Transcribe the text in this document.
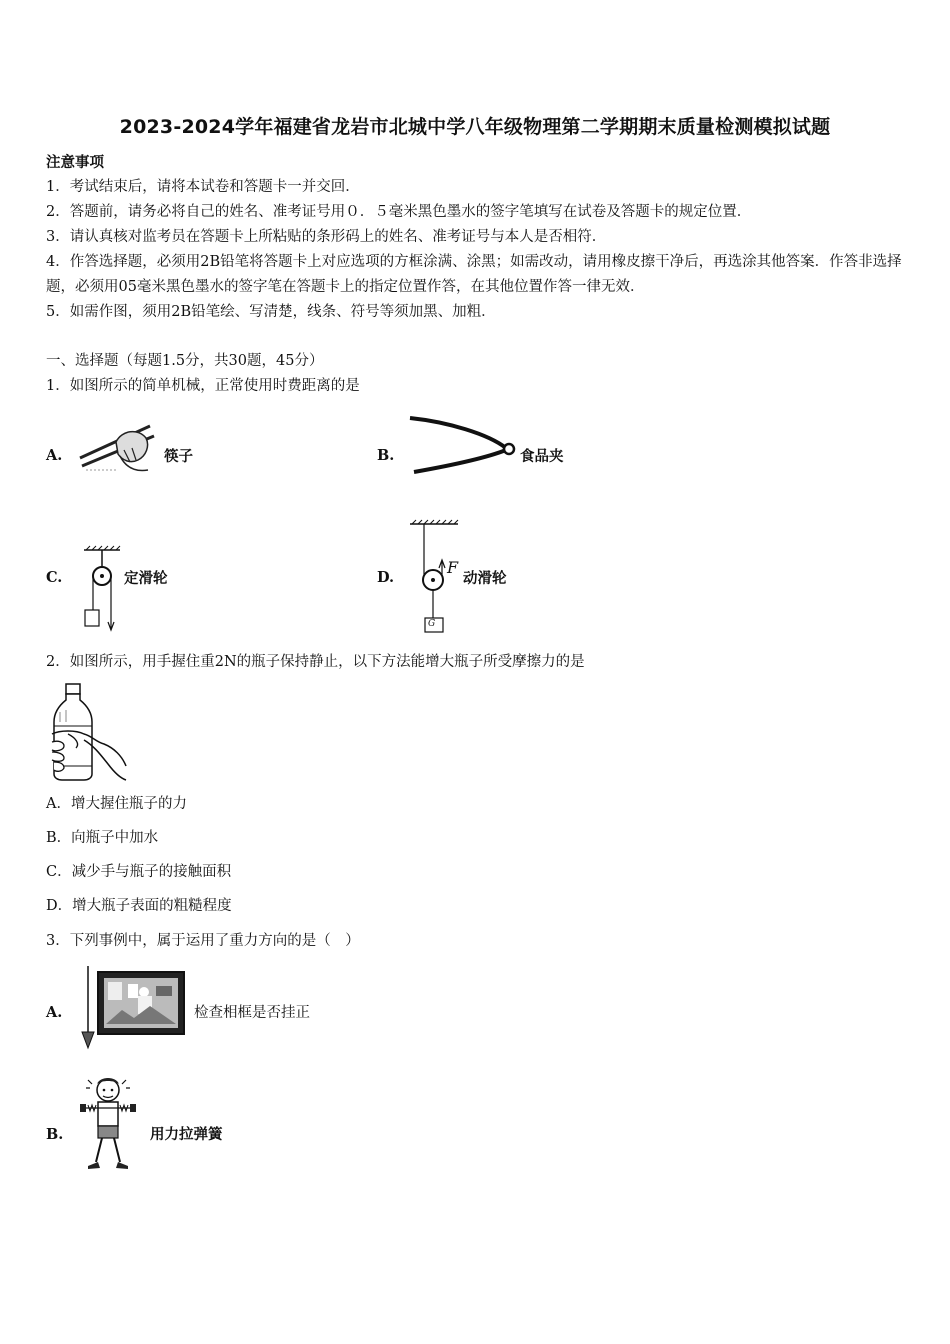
2023-2024学年福建省龙岩市北城中学八年级物理第二学期期末质量检测模拟试题
注意事项
1．考试结束后，请将本试卷和答题卡一并交回．
2．答题前，请务必将自己的姓名、准考证号用０．５毫米黑色墨水的签字笔填写在试卷及答题卡的规定位置．
3．请认真核对监考员在答题卡上所粘贴的条形码上的姓名、准考证号与本人是否相符．
4．作答选择题，必须用2B铅笔将答题卡上对应选项的方框涂满、涂黑；如需改动，请用橡皮擦干净后，再选涂其他答案．作答非选择题，必须用05毫米黑色墨水的签字笔在答题卡上的指定位置作答，在其他位置作答一律无效．
5．如需作图，须用2B铅笔绘、写清楚，线条、符号等须加黑、加粗．
一、选择题（每题1.5分，共30题，45分）
1．如图所示的简单机械，正常使用时费距离的是
A.	筷子	B.	食品夹
C.	定滑轮	D.
F
G
动滑轮
2．如图所示，用手握住重2N的瓶子保持静止，以下方法能增大瓶子所受摩擦力的是
A．增大握住瓶子的力
B．向瓶子中加水
C．减少手与瓶子的接触面积
D．增大瓶子表面的粗糙程度
3．下列事例中，属于运用了重力方向的是（　）
A.	检查相框是否挂正
B.	用力拉弹簧
